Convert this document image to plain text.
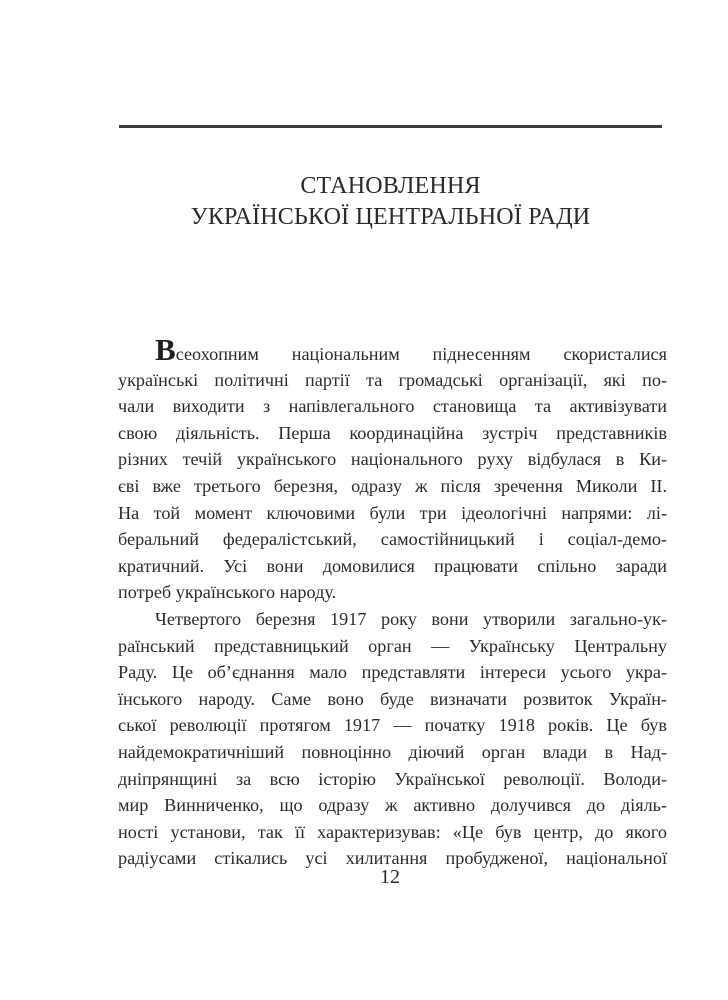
СТАНОВЛЕННЯ
УКРАЇНСЬКОЇ ЦЕНТРАЛЬНОЇ РАДИ
Всеохопним національним піднесенням скористалися
українські політичні партії та громадські організації, які по-
чали виходити з напівлегального становища та активізувати
свою діяльність. Перша координаційна зустріч представників
різних течій українського національного руху відбулася в Ки-
єві вже третього березня, одразу ж після зречення Миколи ІІ.
На той момент ключовими були три ідеологічні напрями: лі-
беральний федералістський, самостійницький і соціал-демо-
кратичний. Усі вони домовилися працювати спільно заради
потреб українського народу.
Четвертого березня 1917 року вони утворили загально-ук-
раїнський представницький орган — Українську Центральну
Раду. Це об’єднання мало представляти інтереси усього укра-
їнського народу. Саме воно буде визначати розвиток Україн-
ської революції протягом 1917 — початку 1918 років. Це був
найдемократичніший повноцінно діючий орган влади в Над-
дніпрянщині за всю історію Української революції. Володи-
мир Винниченко, що одразу ж активно долучився до діяль-
ності установи, так її характеризував: «Це був центр, до якого
радіусами стікались усі хилитання пробудженої, національної
12
